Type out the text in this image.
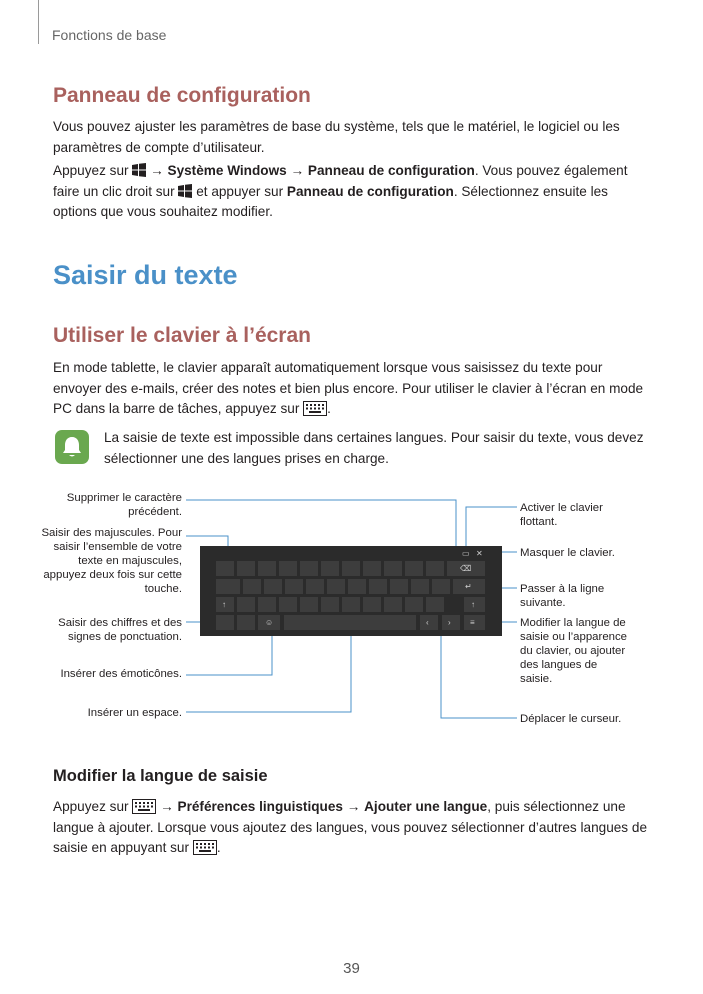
Fonctions de base
Panneau de configuration
Vous pouvez ajuster les paramètres de base du système, tels que le matériel, le logiciel ou les paramètres de compte d’utilisateur.
Appuyez sur → Système Windows → Panneau de configuration. Vous pouvez également faire un clic droit sur et appuyer sur Panneau de configuration. Sélectionnez ensuite les options que vous souhaitez modifier.
Saisir du texte
Utiliser le clavier à l’écran
En mode tablette, le clavier apparaît automatiquement lorsque vous saisissez du texte pour envoyer des e-mails, créer des notes et bien plus encore. Pour utiliser le clavier à l’écran en mode PC dans la barre de tâches, appuyez sur .
La saisie de texte est impossible dans certaines langues. Pour saisir du texte, vous devez sélectionner une des langues prises en charge.
▭ ✕
⌫
↵
↑	↑
☺	‹ › ≡
Supprimer le caractère précédent.
Saisir des majuscules. Pour saisir l’ensemble de votre texte en majuscules, appuyez deux fois sur cette touche.
Saisir des chiffres et des signes de ponctuation.
Insérer des émoticônes.
Insérer un espace.
Activer le clavier flottant.
Masquer le clavier.
Passer à la ligne suivante.
Modifier la langue de saisie ou l’apparence du clavier, ou ajouter des langues de saisie.
Déplacer le curseur.
Modifier la langue de saisie
Appuyez sur → Préférences linguistiques → Ajouter une langue, puis sélectionnez une langue à ajouter. Lorsque vous ajoutez des langues, vous pouvez sélectionner d’autres langues de saisie en appuyant sur .
39
